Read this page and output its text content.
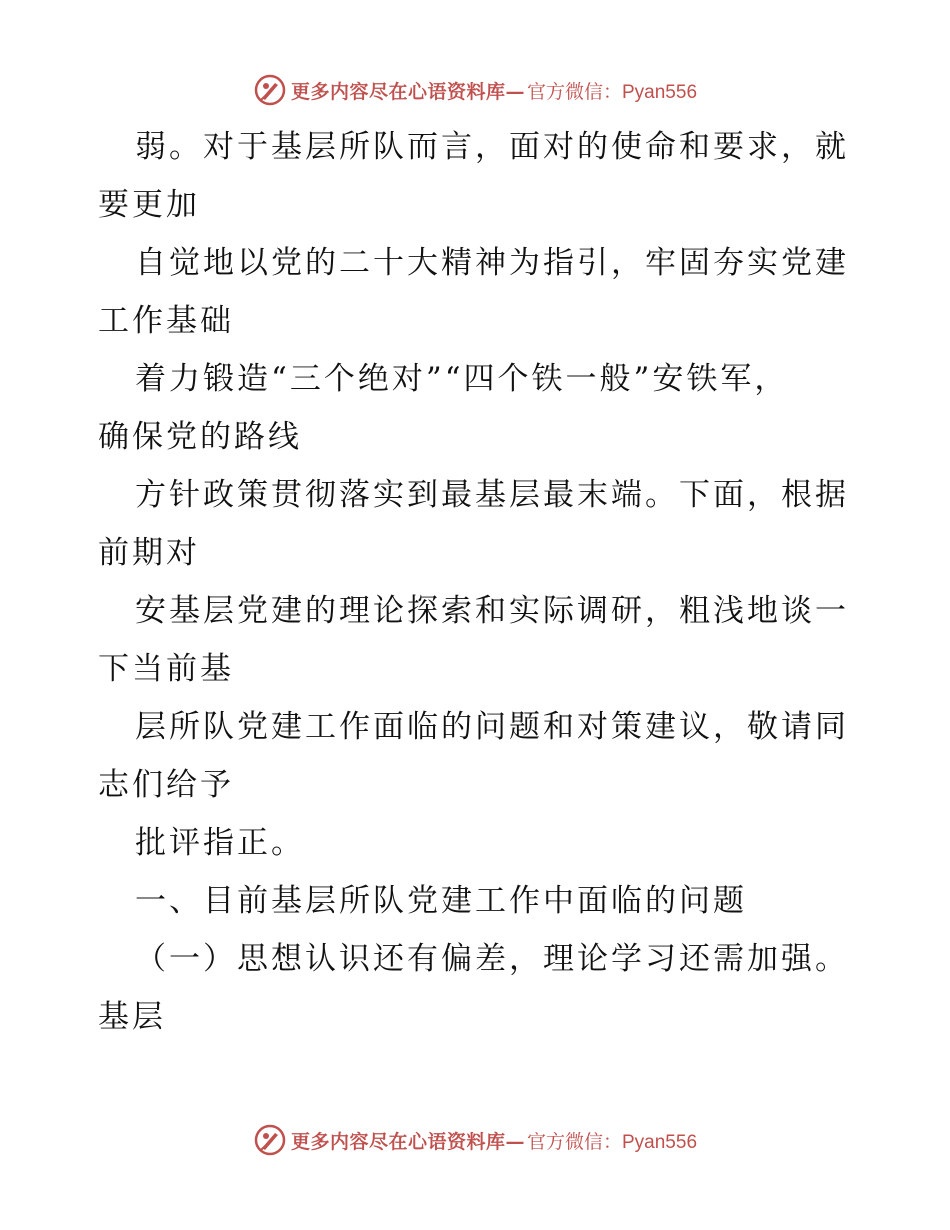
更多内容尽在心语资料库— 官方微信：Pyan556
弱。对于基层所队而言，面对的使命和要求，就
要更加
自觉地以党的二十大精神为指引，牢固夯实党建
工作基础
着力锻造“三个绝对”“四个铁一般”安铁军，
确保党的路线
方针政策贯彻落实到最基层最末端。下面，根据
前期对
安基层党建的理论探索和实际调研，粗浅地谈一
下当前基
层所队党建工作面临的问题和对策建议，敬请同
志们给予
批评指正。
一、目前基层所队党建工作中面临的问题
（一）思想认识还有偏差，理论学习还需加强。
基层
更多内容尽在心语资料库— 官方微信：Pyan556
